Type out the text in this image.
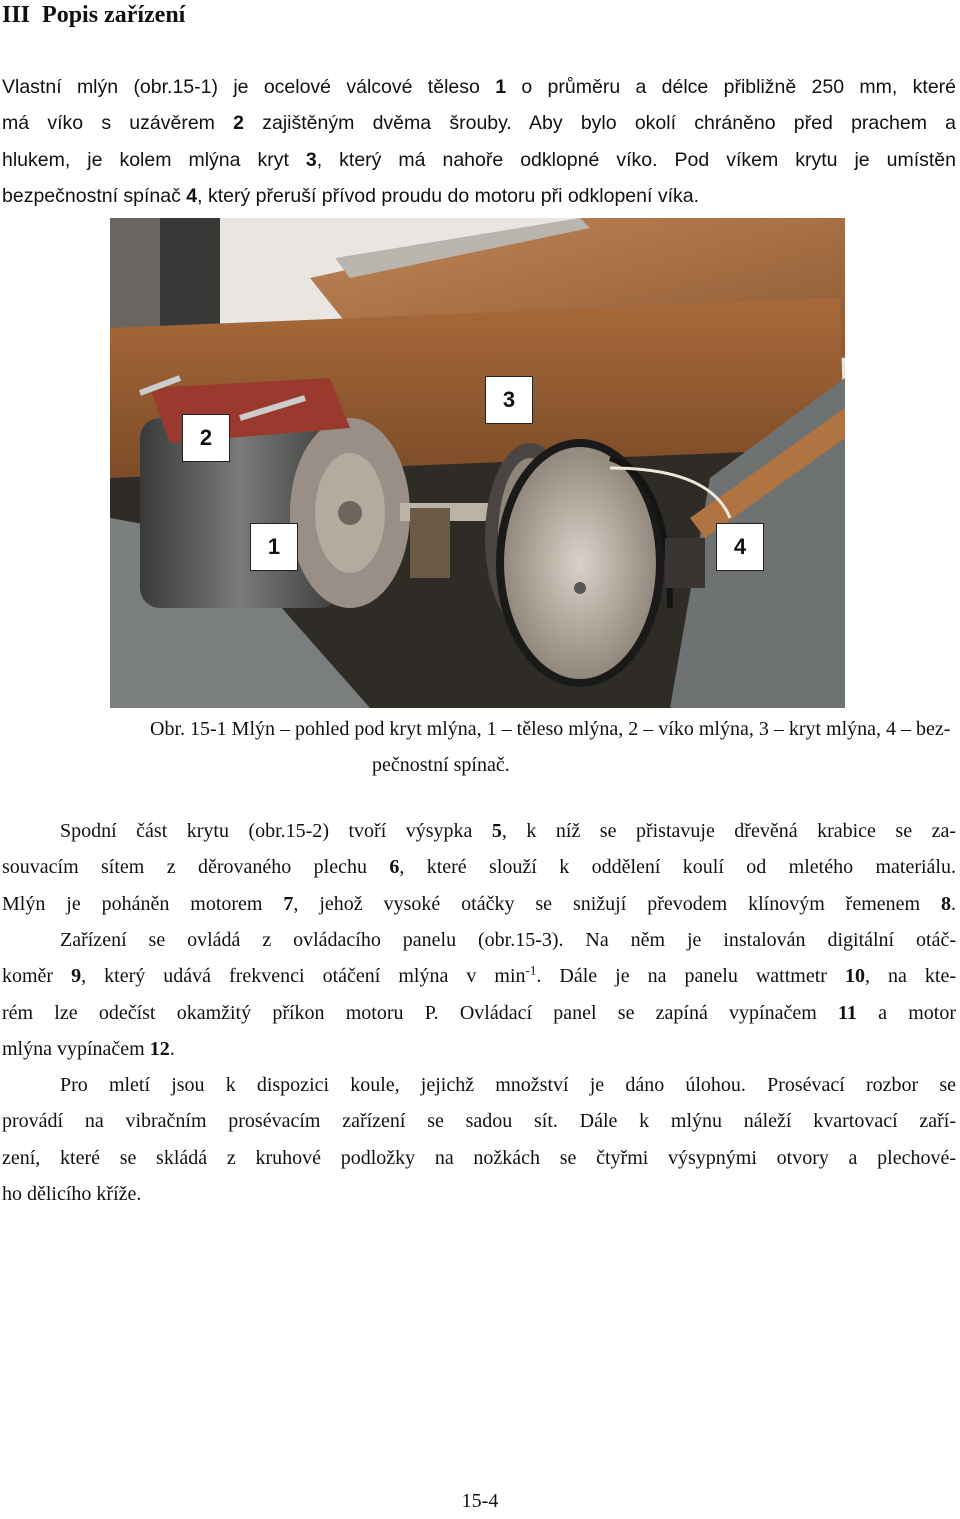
III Popis zařízení

Vlastní mlýn (obr.15-1) je ocelové válcové těleso 1 o průměru a délce přibližně 250 mm, které
má víko s uzávěrem 2 zajištěným dvěma šrouby. Aby bylo okolí chráněno před prachem a
hlukem, je kolem mlýna kryt 3, který má nahoře odklopné víko. Pod víkem krytu je umístěn
bezpečnostní spínač 4, který přeruší přívod proudu do motoru při odklopení víka.

2
3
1	4
Obr. 15-1 Mlýn – pohled pod kryt mlýna, 1 – těleso mlýna, 2 – víko mlýna, 3 – kryt mlýna, 4 – bez-
pečnostní spínač.

Spodní část krytu (obr.15-2) tvoří výsypka 5, k níž se přistavuje dřevěná krabice se za-
souvacím sítem z děrovaného plechu 6, které slouží k oddělení koulí od mletého materiálu.
Mlýn je poháněn motorem 7, jehož vysoké otáčky se snižují převodem klínovým řemenem 8.

Zařízení se ovládá z ovládacího panelu (obr.15-3). Na něm je instalován digitální otáč-
koměr 9, který udává frekvenci otáčení mlýna v $\min^{-1}$. Dále je na panelu wattmetr 10, na kte-
rém lze odečíst okamžitý příkon motoru P. Ovládací panel se zapíná vypínačem 11 a motor
mlýna vypínačem 12.

Pro mletí jsou k dispozici koule, jejichž množství je dáno úlohou. Prosévací rozbor se
provádí na vibračním prosévacím zařízení se sadou sít. Dále k mlýnu náleží kvartovací zaří-
zení, které se skládá z kruhové podložky na nožkách se čtyřmi výsypnými otvory a plechové-
ho dělicího kříže.

15-4
